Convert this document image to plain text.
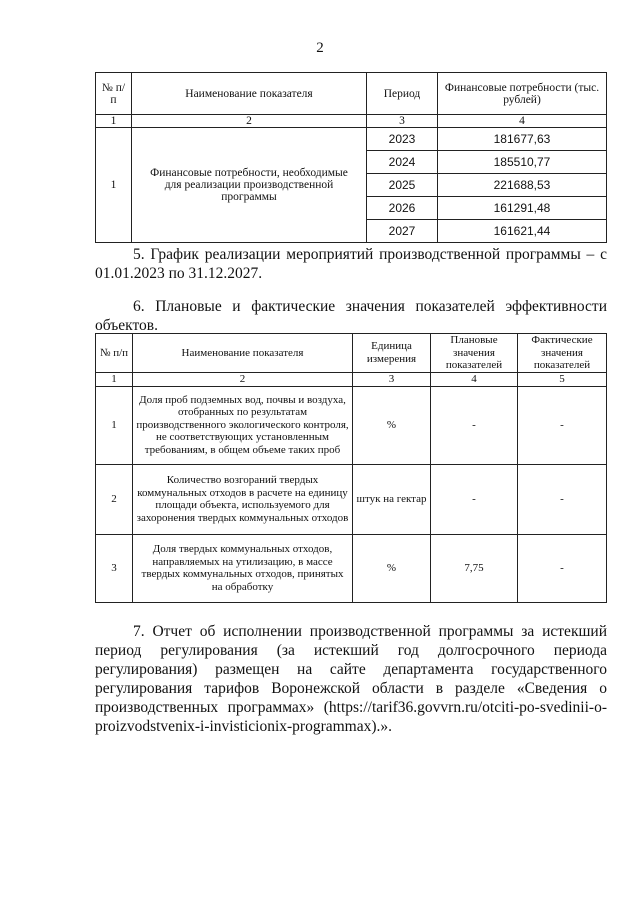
2
№ п/п	Наименование показателя	Период	Финансовые потребности (тыс. рублей)
1	2	3	4
1	Финансовые потребности, необходимые для реализации производственной программы	2023	181677,63
		2024	185510,77
		2025	221688,53
		2026	161291,48
		2027	161621,44
5. График реализации мероприятий производственной программы – с 01.01.2023 по 31.12.2027.
6. Плановые и фактические значения показателей эффективности объектов.
№ п/п	Наименование показателя	Единица измерения	Плановые значения показателей	Фактические значения показателей
1	2	3	4	5
1	Доля проб подземных вод, почвы и воздуха, отобранных по результатам производственного экологического контроля, не соответствующих установленным требованиям, в общем объеме таких проб	%	-	-
2	Количество возгораний твердых коммунальных отходов в расчете на единицу площади объекта, используемого для захоронения твердых коммунальных отходов	штук на гектар	-	-
3	Доля твердых коммунальных отходов, направляемых на утилизацию, в массе твердых коммунальных отходов, принятых на обработку	%	7,75	-
7. Отчет об исполнении производственной программы за истекший период регулирования (за истекший год долгосрочного периода регулирования) размещен на сайте департамента государственного регулирования тарифов Воронежской области в разделе «Сведения о производственных программах» (https://tarif36.govvrn.ru/otciti-po-svedinii-o-proizvodstvenix-i-invisticionix-programmax).».
